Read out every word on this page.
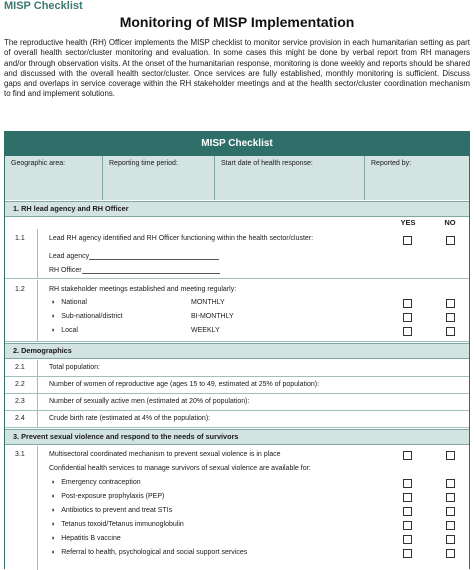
MISP Checklist
Monitoring of MISP Implementation
The reproductive health (RH) Officer implements the MISP checklist to monitor service provision in each humanitarian setting as part of overall health sector/cluster monitoring and evaluation. In some cases this might be done by verbal report from RH managers and/or through observation visits. At the onset of the humanitarian response, monitoring is done weekly and reports should be shared and discussed with the overall health sector/cluster. Once services are fully established, monthly monitoring is sufficient. Discuss gaps and overlaps in service coverage within the RH stakeholder meetings and at the health sector/cluster coordination mechanism to find and implement solutions.
MISP Checklist
Geographic area:	Reporting time period:	Start date of health response:	Reported by:
1. RH lead agency and RH Officer
YES	NO
1.1	Lead RH agency identified and RH Officer functioning within the health sector/cluster:
Lead agency
RH Officer
1.2	RH stakeholder meetings established and meeting regularly:
◗ National	MONTHLY
◗ Sub-national/district	BI-MONTHLY
◗ Local	WEEKLY
2. Demographics
2.1	Total population:
2.2	Number of women of reproductive age (ages 15 to 49, estimated at 25% of population):
2.3	Number of sexually active men (estimated at 20% of population):
2.4	Crude birth rate (estimated at 4% of the population):
3. Prevent sexual violence and respond to the needs of survivors
3.1	Multisectoral coordinated mechanism to prevent sexual violence is in place
Confidential health services to manage survivors of sexual violence are available for:
◗ Emergency contraception
◗ Post-exposure prophylaxis (PEP)
◗ Antibiotics to prevent and treat STIs
◗ Tetanus toxoid/Tetanus immunoglobulin
◗ Hepatitis B vaccine
◗ Referral to health, psychological and social support services
